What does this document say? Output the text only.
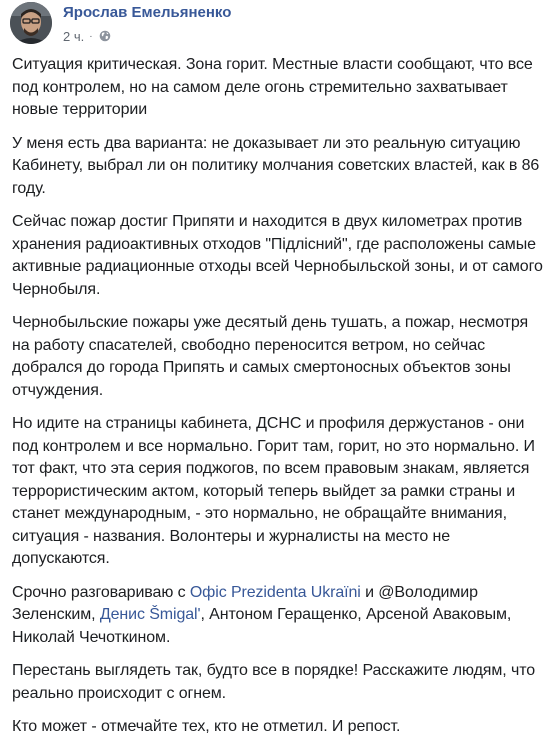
Ярослав Емельяненко
2 ч. ·

Ситуация критическая. Зона горит. Местные власти сообщают, что все под контролем, но на самом деле огонь стремительно захватывает новые территории

У меня есть два варианта: не доказывает ли это реальную ситуацию Кабинету, выбрал ли он политику молчания советских властей, как в 86 году.

Сейчас пожар достиг Припяти и находится в двух километрах против хранения радиоактивных отходов "Підлісний", где расположены самые активные радиационные отходы всей Чернобыльской зоны, и от самого Чернобыля.

Чернобыльские пожары уже десятый день тушать, а пожар, несмотря на работу спасателей, свободно переносится ветром, но сейчас добрался до города Припять и самых смертоносных объектов зоны отчуждения.

Но идите на страницы кабинета, ДСНС и профиля держустанов - они под контролем и все нормально. Горит там, горит, но это нормально. И тот факт, что эта серия поджогов, по всем правовым знакам, является террористическим актом, который теперь выйдет за рамки страны и станет международным, - это нормально, не обращайте внимания, ситуация - названия. Волонтеры и журналисты на место не допускаются.

Срочно разговариваю с Офіс Prezidenta Ukraїni и @Володимир Зеленским, Денис Šmigal', Антоном Геращенко, Арсеной Аваковым, Николай Чечоткином.

Перестань выглядеть так, будто все в порядке! Расскажите людям, что реально происходит с огнем.

Кто может - отмечайте тех, кто не отметил. И репост.
